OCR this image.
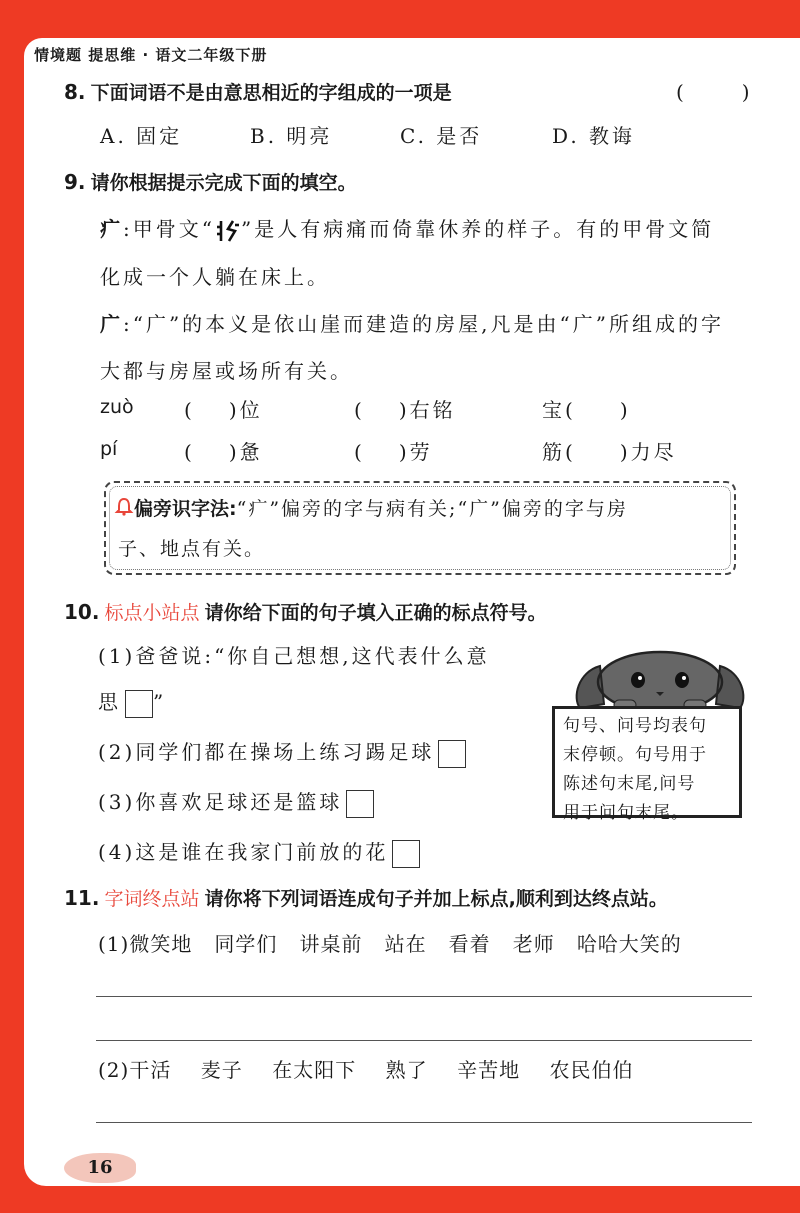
情境题 提思维 · 语文二年级下册
8. 下面词语不是由意思相近的字组成的一项是	(　　)
A. 固定	B. 明亮	C. 是否	D. 教诲
9. 请你根据提示完成下面的填空。
疒:甲骨文“ ”是人有病痛而倚靠休养的样子。有的甲骨文简
化成一个人躺在床上。
广:“广”的本义是依山崖而建造的房屋,凡是由“广”所组成的字
大都与房屋或场所有关。
zuò	( )位	( )右铭	宝( )
pí	( )惫	( )劳	筋( )力尽
偏旁识字法:“疒”偏旁的字与病有关;“广”偏旁的字与房
子、地点有关。
10. 标点小站点 请你给下面的句子填入正确的标点符号。
(1)爸爸说:“你自己想想,这代表什么意
思 ”
(2)同学们都在操场上练习踢足球
(3)你喜欢足球还是篮球
(4)这是谁在我家门前放的花
句号、问号均表句
末停顿。句号用于
陈述句末尾,问号
用于问句末尾。
11. 字词终点站 请你将下列词语连成句子并加上标点,顺利到达终点站。
(1)微笑地 同学们 讲桌前 站在 看着 老师 哈哈大笑的
(2)干活 麦子 在太阳下 熟了 辛苦地 农民伯伯
16
